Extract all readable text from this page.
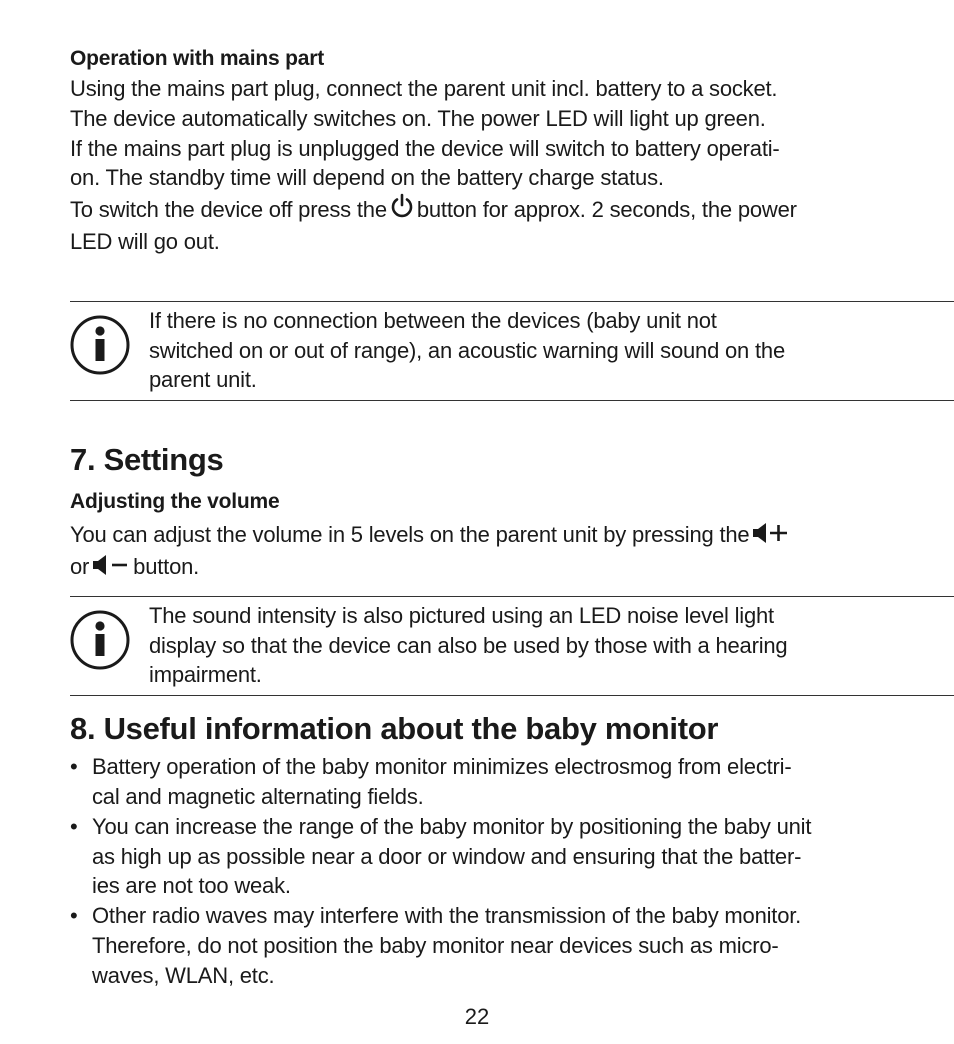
Operation with mains part

Using the mains part plug, connect the parent unit incl. battery to a socket.
The device automatically switches on. The power LED will light up green.
If the mains part plug is unplugged the device will switch to battery operati-
on. The standby time will depend on the battery charge status.
To switch the device off press the button for approx. 2 seconds, the power
LED will go out.

If there is no connection between the devices (baby unit not
switched on or out of range), an acoustic warning will sound on the
parent unit.

7. Settings

Adjusting the volume

You can adjust the volume in 5 levels on the parent unit by pressing the
or button.

The sound intensity is also pictured using an LED noise level light
display so that the device can also be used by those with a hearing
impairment.

8. Useful information about the baby monitor
• Battery operation of the baby monitor minimizes electrosmog from electri-
cal and magnetic alternating fields.
• You can increase the range of the baby monitor by positioning the baby unit
as high up as possible near a door or window and ensuring that the batter-
ies are not too weak.
• Other radio waves may interfere with the transmission of the baby monitor.
Therefore, do not position the baby monitor near devices such as micro-
waves, WLAN, etc.
22
